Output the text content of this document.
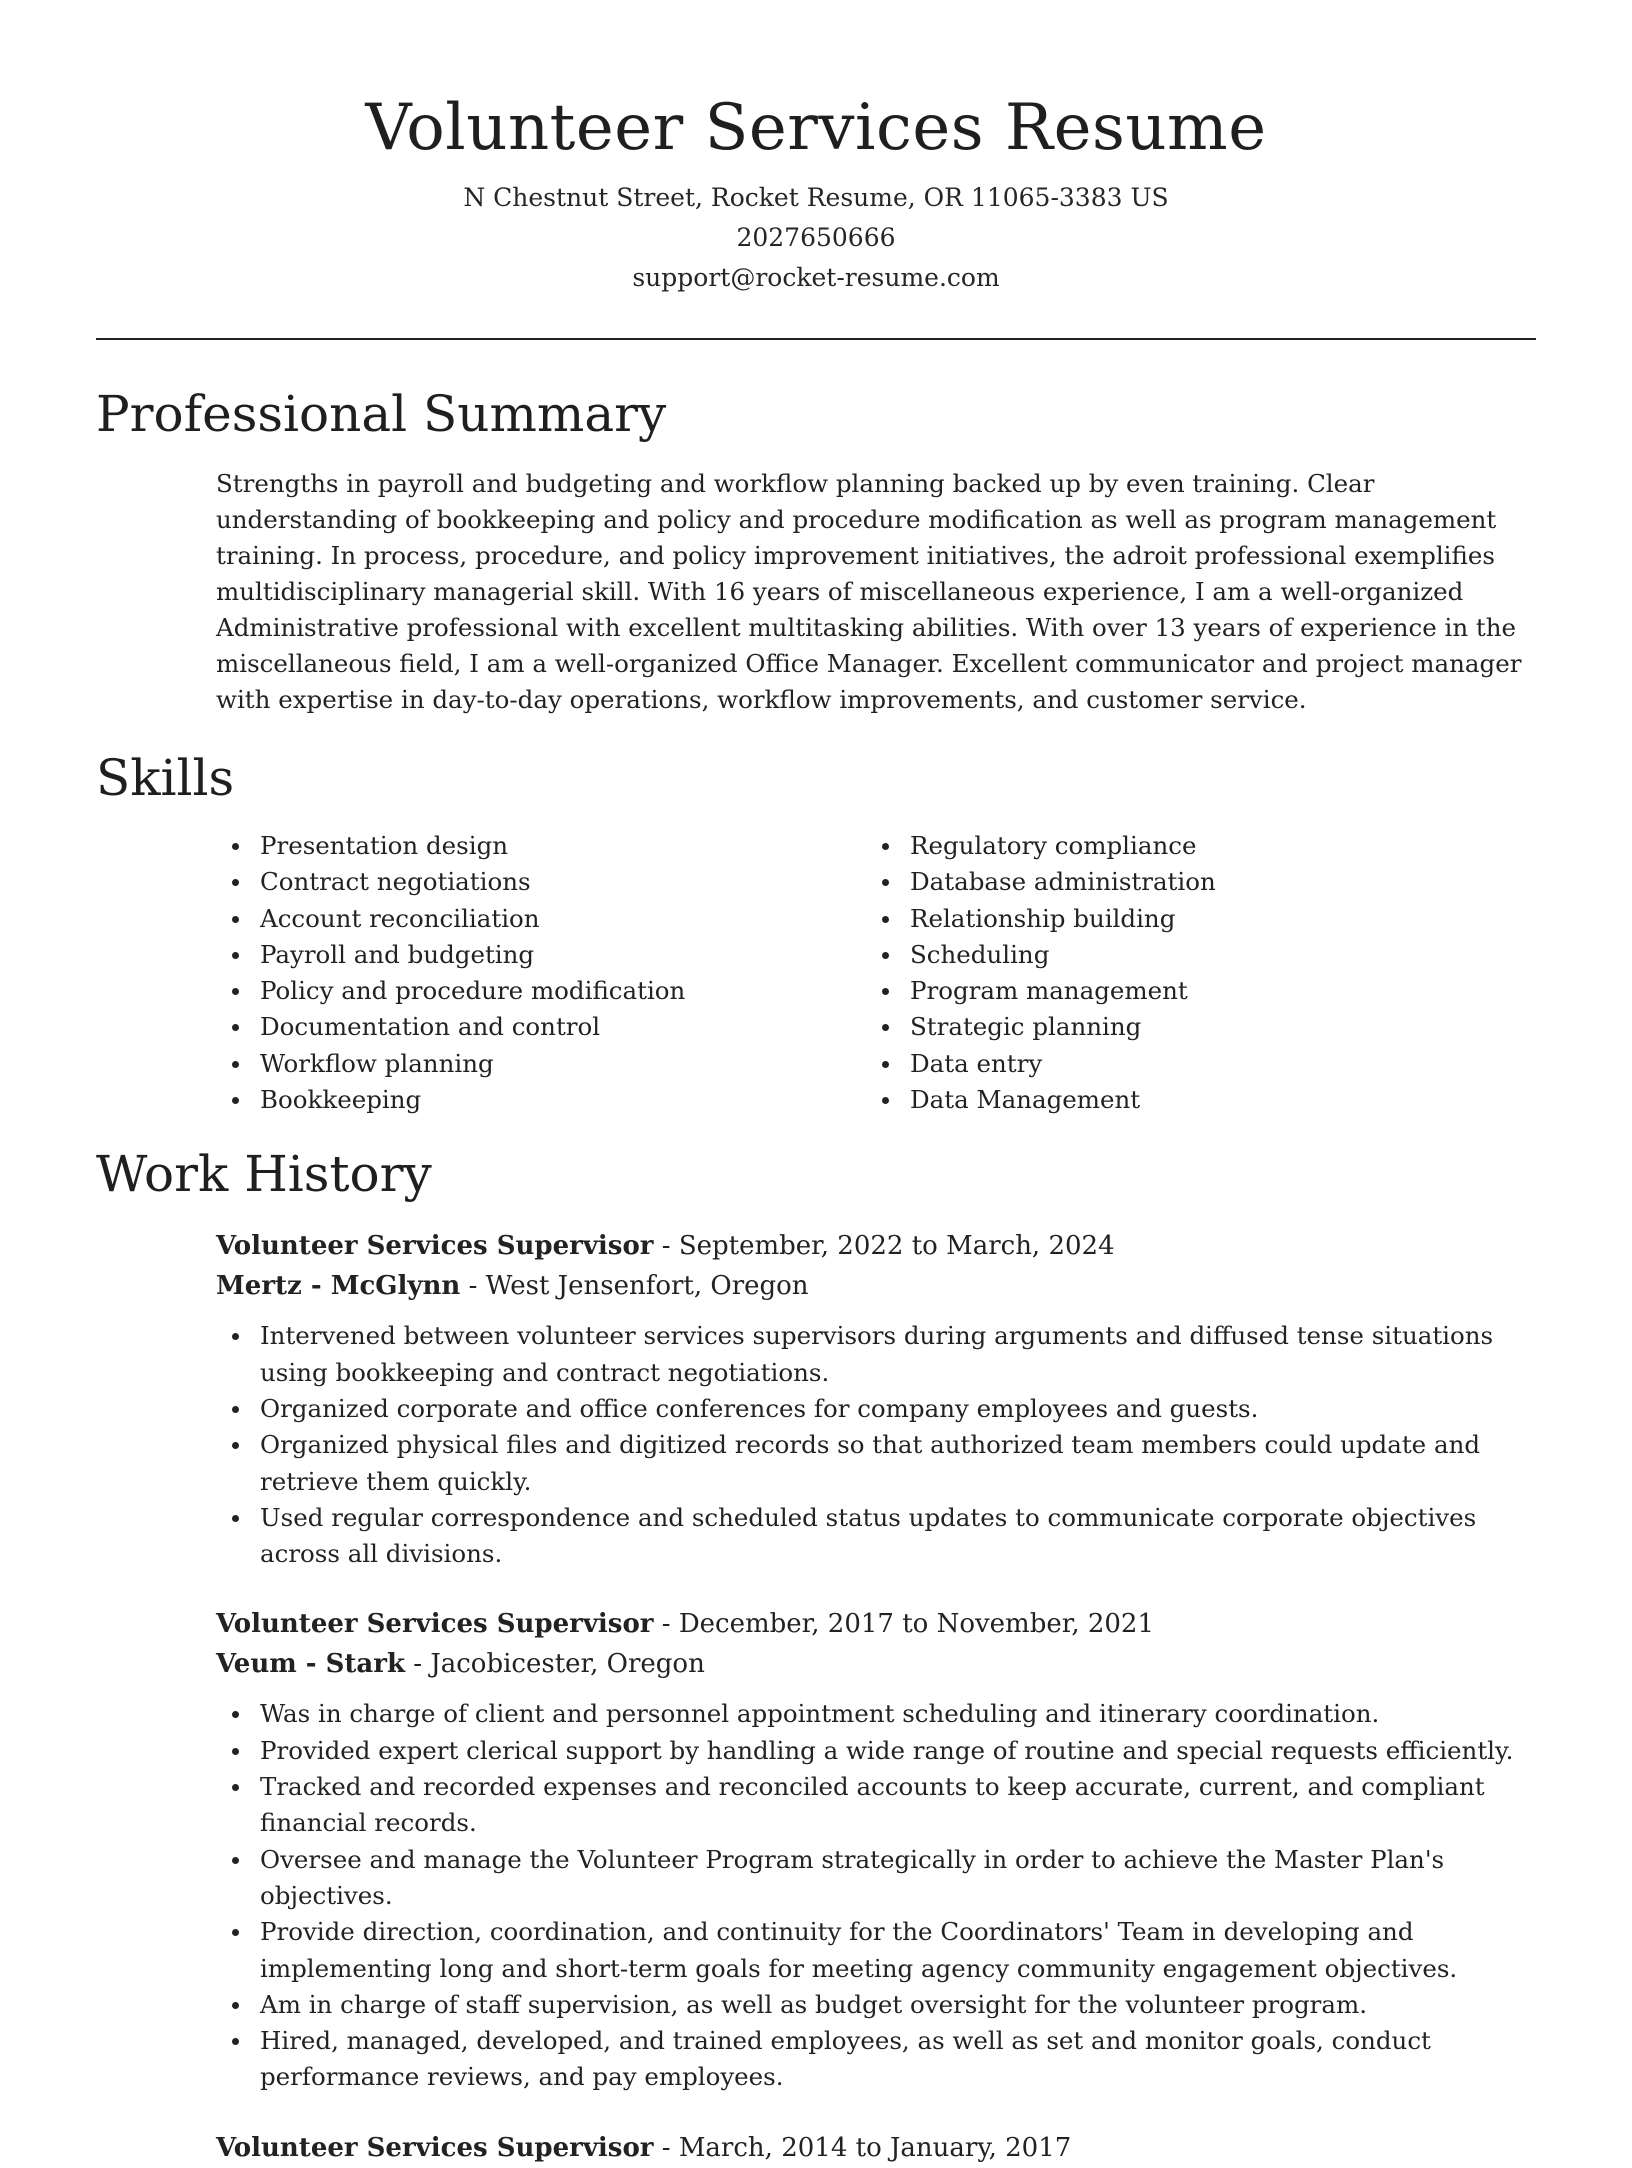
Volunteer Services Resume
N Chestnut Street, Rocket Resume, OR 11065-3383 US
2027650666
support@rocket-resume.com
Professional Summary

Strengths in payroll and budgeting and workflow planning backed up by even training. Clear understanding of bookkeeping and policy and procedure modification as well as program management training. In process, procedure, and policy improvement initiatives, the adroit professional exemplifies multidisciplinary managerial skill. With 16 years of miscellaneous experience, I am a well-organized Administrative professional with excellent multitasking abilities. With over 13 years of experience in the miscellaneous field, I am a well-organized Office Manager. Excellent communicator and project manager with expertise in day-to-day operations, workflow improvements, and customer service.

Skills
Presentation design
Contract negotiations
Account reconciliation
Payroll and budgeting
Policy and procedure modification
Documentation and control
Workflow planning
Bookkeeping
Regulatory compliance
Database administration
Relationship building
Scheduling
Program management
Strategic planning
Data entry
Data Management
Work History
Volunteer Services Supervisor - September, 2022 to March, 2024
Mertz - McGlynn - West Jensenfort, Oregon
Intervened between volunteer services supervisors during arguments and diffused tense situations using bookkeeping and contract negotiations.
Organized corporate and office conferences for company employees and guests.
Organized physical files and digitized records so that authorized team members could update and retrieve them quickly.
Used regular correspondence and scheduled status updates to communicate corporate objectives across all divisions.
Volunteer Services Supervisor - December, 2017 to November, 2021
Veum - Stark - Jacobicester, Oregon
Was in charge of client and personnel appointment scheduling and itinerary coordination.
Provided expert clerical support by handling a wide range of routine and special requests efficiently.
Tracked and recorded expenses and reconciled accounts to keep accurate, current, and compliant financial records.
Oversee and manage the Volunteer Program strategically in order to achieve the Master Plan's objectives.
Provide direction, coordination, and continuity for the Coordinators' Team in developing and implementing long and short-term goals for meeting agency community engagement objectives.
Am in charge of staff supervision, as well as budget oversight for the volunteer program.
Hired, managed, developed, and trained employees, as well as set and monitor goals, conduct performance reviews, and pay employees.
Volunteer Services Supervisor - March, 2014 to January, 2017
